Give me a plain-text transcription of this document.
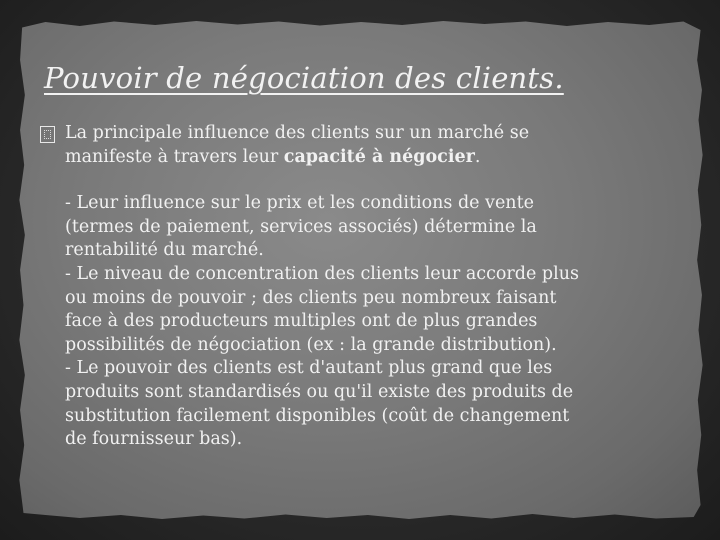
Pouvoir de négociation des clients.
La principale influence des clients sur un marché se
manifeste à travers leur capacité à négocier.
- Leur influence sur le prix et les conditions de vente
(termes de paiement, services associés) détermine la
rentabilité du marché.
- Le niveau de concentration des clients leur accorde plus
ou moins de pouvoir ; des clients peu nombreux faisant
face à des producteurs multiples ont de plus grandes
possibilités de négociation (ex : la grande distribution).
- Le pouvoir des clients est d'autant plus grand que les
produits sont standardisés ou qu'il existe des produits de
substitution facilement disponibles (coût de changement
de fournisseur bas).
